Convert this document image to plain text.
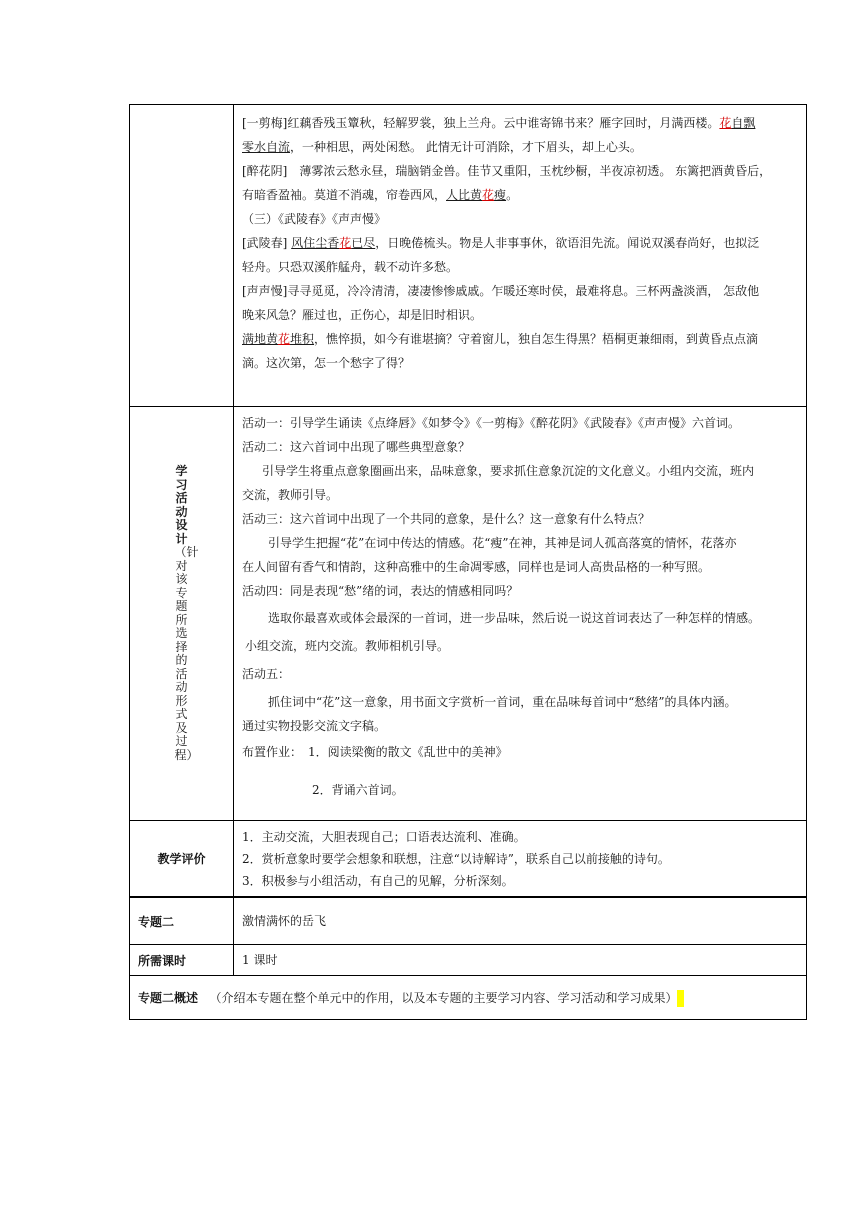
[一剪梅]红藕香残玉簟秋，轻解罗裳，独上兰舟。云中谁寄锦书来？雁字回时，月满西楼。花自飘

零水自流，一种相思，两处闲愁。 此情无计可消除，才下眉头，却上心头。

[醉花阴]　薄雾浓云愁永昼，瑞脑销金兽。佳节又重阳，玉枕纱橱，半夜凉初透。 东篱把酒黄昏后，

有暗香盈袖。莫道不消魂，帘卷西风，人比黄花瘦。

（三）《武陵春》《声声慢》

[武陵春] 风住尘香花已尽，日晚倦梳头。物是人非事事休，欲语泪先流。闻说双溪春尚好，也拟泛

轻舟。只恐双溪舴艋舟，载不动许多愁。

[声声慢]寻寻觅觅，冷冷清清，凄凄惨惨戚戚。乍暖还寒时侯，最难将息。三杯两盏淡酒， 怎敌他

晚来风急？雁过也，正伤心，却是旧时相识。

满地黄花堆积，憔悴损，如今有谁堪摘？守着窗儿，独自怎生得黑？梧桐更兼细雨，到黄昏点点滴

滴。这次第，怎一个愁字了得？

学习活动设计
（针对该专题所选择的活动形式及过程）

活动一：引导学生诵读《点绛唇》《如梦令》《一剪梅》《醉花阴》《武陵春》《声声慢》六首词。

活动二：这六首词中出现了哪些典型意象？

引导学生将重点意象圈画出来，品味意象，要求抓住意象沉淀的文化意义。小组内交流，班内

交流，教师引导。

活动三：这六首词中出现了一个共同的意象，是什么？这一意象有什么特点？

引导学生把握“花”在词中传达的情感。花“瘦”在神，其神是词人孤高落寞的情怀，花落亦

在人间留有香气和情韵，这种高雅中的生命凋零感，同样也是词人高贵品格的一种写照。

活动四：同是表现“愁”绪的词，表达的情感相同吗？

选取你最喜欢或体会最深的一首词，进一步品味，然后说一说这首词表达了一种怎样的情感。

小组交流，班内交流。教师相机引导。

活动五：

抓住词中“花”这一意象，用书面文字赏析一首词，重在品味每首词中“愁绪”的具体内涵。

通过实物投影交流文字稿。

布置作业：　1．阅读梁衡的散文《乱世中的美神》

2．背诵六首词。

教学评价

1．主动交流，大胆表现自己；口语表达流利、准确。

2．赏析意象时要学会想象和联想，注意“以诗解诗”，联系自己以前接触的诗句。

3．积极参与小组活动，有自己的见解，分析深刻。

专题二	激情满怀的岳飞
所需课时	1 课时
专题二概述 （介绍本专题在整个单元中的作用，以及本专题的主要学习内容、学习活动和学习成果）
